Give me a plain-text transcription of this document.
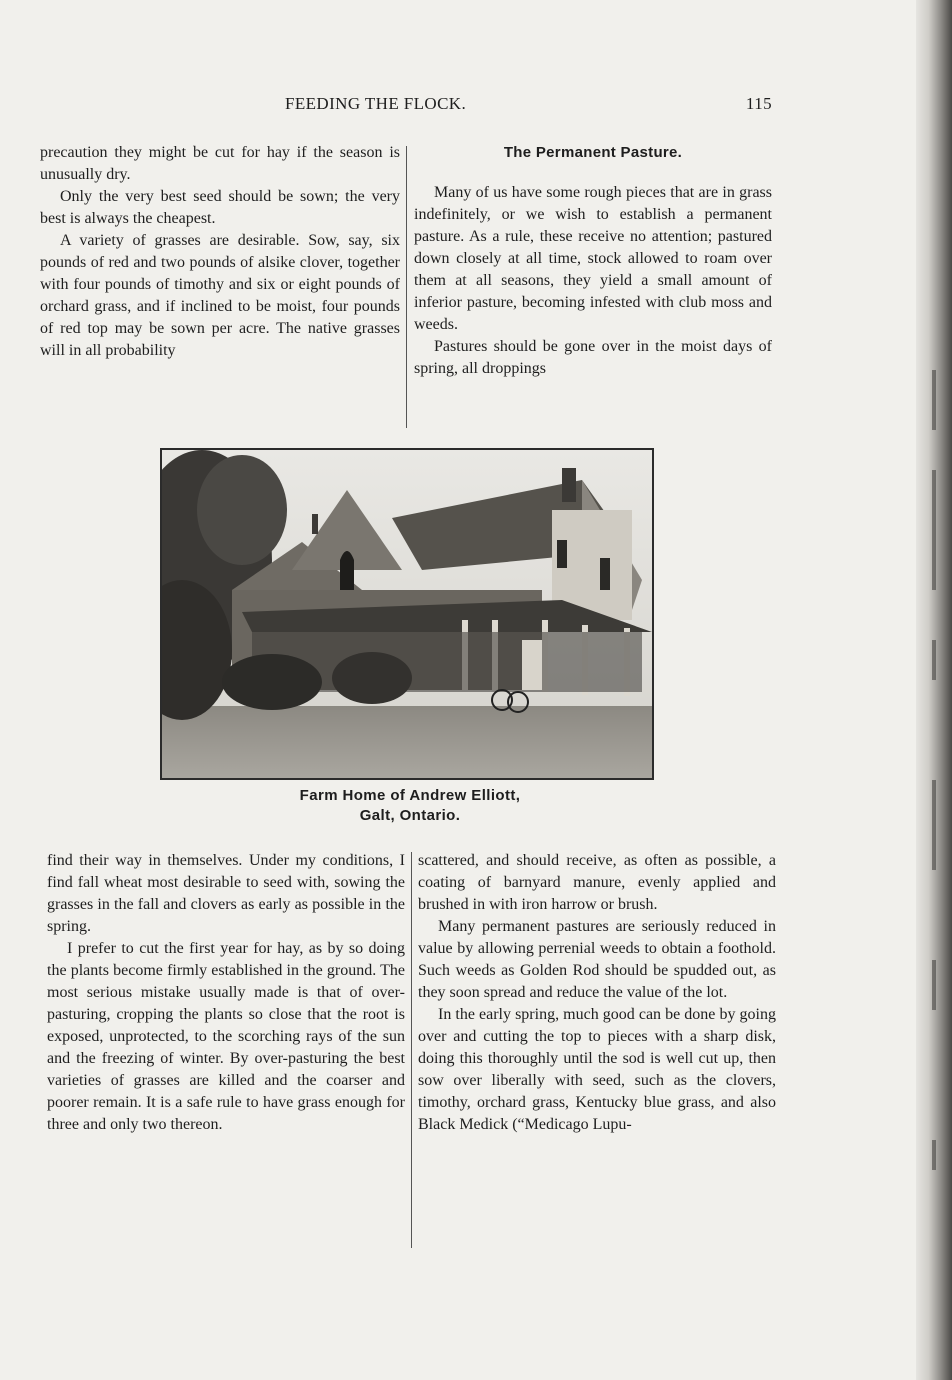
FEEDING THE FLOCK.	115

precaution they might be cut for hay if the season is unusually dry.

Only the very best seed should be sown; the very best is always the cheapest.

A variety of grasses are desirable. Sow, say, six pounds of red and two pounds of alsike clover, together with four pounds of timothy and six or eight pounds of orchard grass, and if inclined to be moist, four pounds of red top may be sown per acre. The native grasses will in all probability

The Permanent Pasture.

Many of us have some rough pieces that are in grass indefinitely, or we wish to establish a permanent pasture. As a rule, these receive no attention; pastured down closely at all time, stock allowed to roam over them at all seasons, they yield a small amount of inferior pasture, becoming infested with club moss and weeds.

Pastures should be gone over in the moist days of spring, all droppings

Farm Home of Andrew Elliott,
Galt, Ontario.

find their way in themselves. Under my conditions, I find fall wheat most desirable to seed with, sowing the grasses in the fall and clovers as early as possible in the spring.

I prefer to cut the first year for hay, as by so doing the plants become firmly established in the ground. The most serious mistake usually made is that of over-pasturing, cropping the plants so close that the root is exposed, unprotected, to the scorching rays of the sun and the freezing of winter. By over-pasturing the best varieties of grasses are killed and the coarser and poorer remain. It is a safe rule to have grass enough for three and only two thereon.

scattered, and should receive, as often as possible, a coating of barnyard manure, evenly applied and brushed in with iron harrow or brush.

Many permanent pastures are seriously reduced in value by allowing perrenial weeds to obtain a foothold. Such weeds as Golden Rod should be spudded out, as they soon spread and reduce the value of the lot.

In the early spring, much good can be done by going over and cutting the top to pieces with a sharp disk, doing this thoroughly until the sod is well cut up, then sow over liberally with seed, such as the clovers, timothy, orchard grass, Kentucky blue grass, and also Black Medick (“Medicago Lupu-
